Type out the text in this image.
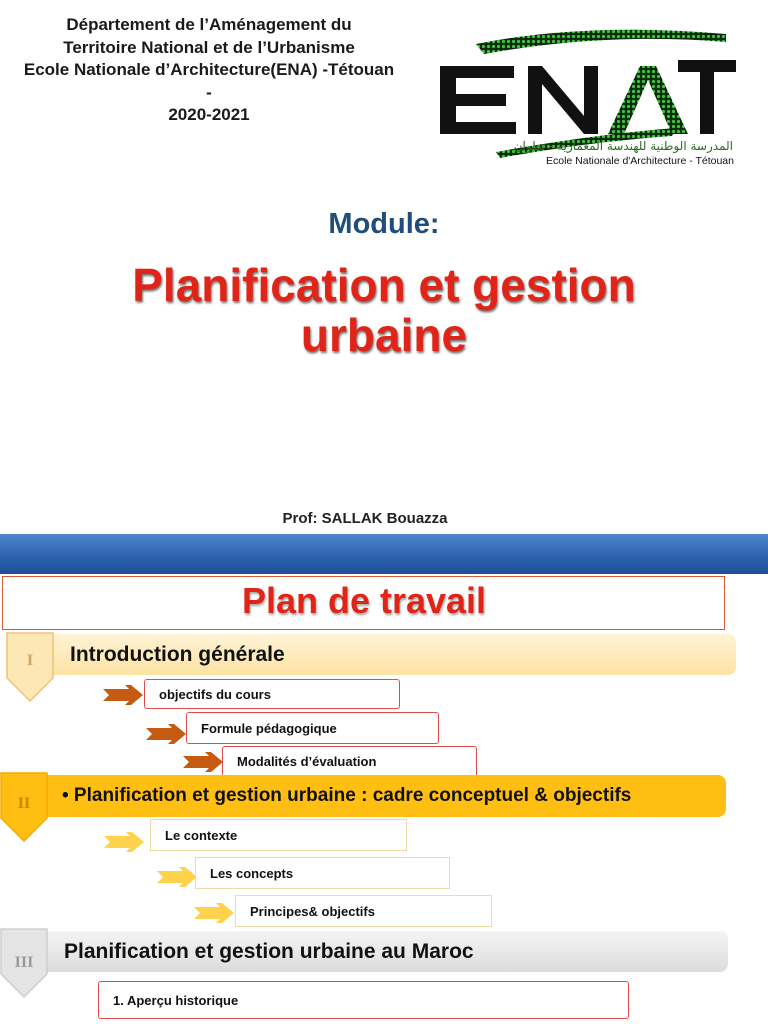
Département de l’Aménagement du
Territoire National et de l’Urbanisme
Ecole Nationale d’Architecture(ENA) -Tétouan
-
2020-2021
المدرسة الوطنية للهندسة المعمارية - تطوان
Ecole Nationale d'Architecture - Tétouan
Module:
Planification et gestion
urbaine
Prof: SALLAK Bouazza
Plan de travail
Introduction générale
I
objectifs du cours
Formule pédagogique
Modalités d’évaluation
• Planification et gestion urbaine : cadre conceptuel & objectifs
II
Le contexte
Les concepts
Principes& objectifs
Planification et gestion urbaine au Maroc
III
1. Aperçu historique
